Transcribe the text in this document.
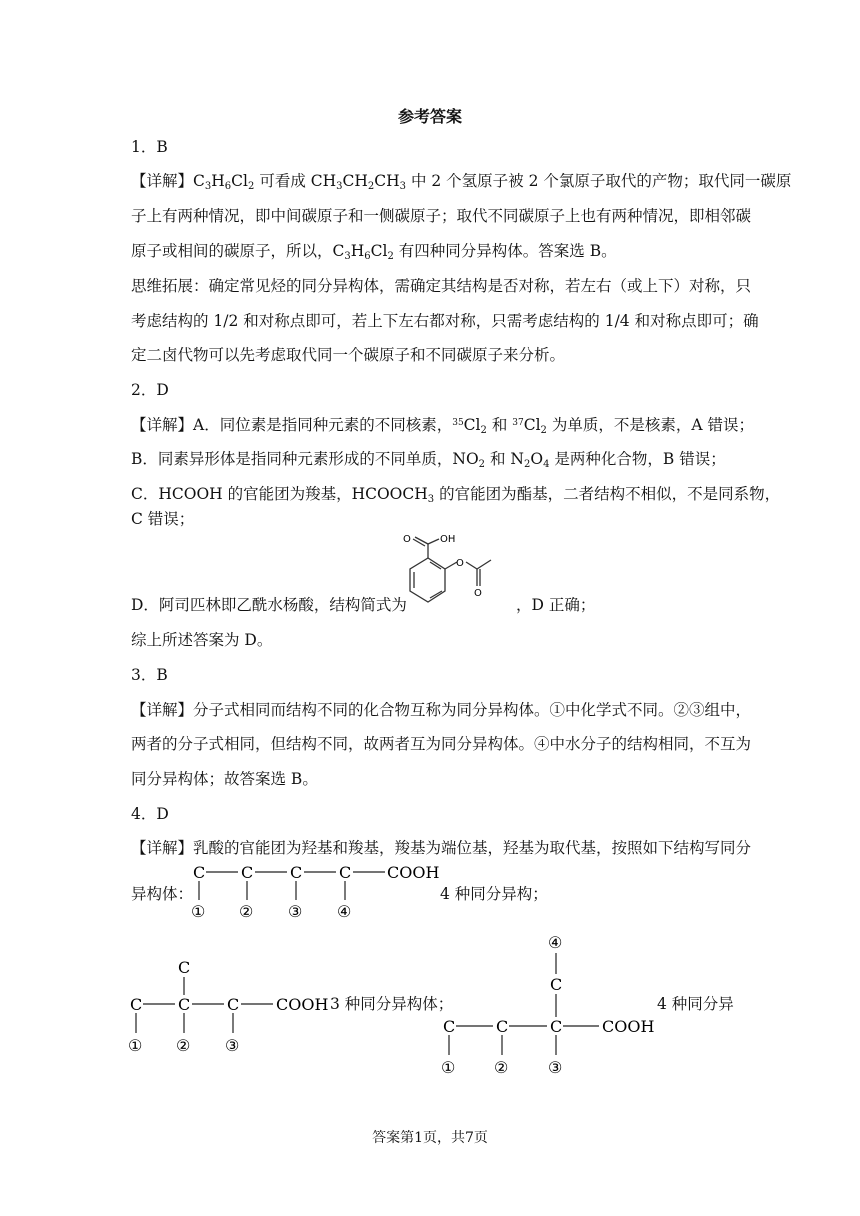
参考答案
1．B
【详解】$C_3H_6Cl_2$ 可看成 $CH_3CH_2CH_3$ 中 2 个氢原子被 2 个氯原子取代的产物；取代同一碳原
子上有两种情况，即中间碳原子和一侧碳原子；取代不同碳原子上也有两种情况，即相邻碳
原子或相间的碳原子，所以，$C_3H_6Cl_2$ 有四种同分异构体。答案选 B。
思维拓展：确定常见烃的同分异构体，需确定其结构是否对称，若左右（或上下）对称，只
考虑结构的 1/2 和对称点即可，若上下左右都对称，只需考虑结构的 1/4 和对称点即可；确
定二卤代物可以先考虑取代同一个碳原子和不同碳原子来分析。
2．D
【详解】A．同位素是指同种元素的不同核素，$^{35}Cl_2$ 和 $^{37}Cl_2$ 为单质，不是核素，A 错误；
B．同素异形体是指同种元素形成的不同单质，$NO_2$ 和 $N_2O_4$ 是两种化合物，B 错误；
C．HCOOH 的官能团为羧基，$HCOOCH_3$ 的官能团为酯基，二者结构不相似，不是同系物，
C 错误；
D．阿司匹林即乙酰水杨酸，结构简式为
O	OH
O
O
，D 正确；
综上所述答案为 D。
3．B
【详解】分子式相同而结构不同的化合物互称为同分异构体。①中化学式不同。②③组中，
两者的分子式相同，但结构不同，故两者互为同分异构体。④中水分子的结构相同，不互为
同分异构体；故答案选 B。
4．D
【详解】乳酸的官能团为羟基和羧基，羧基为端位基，羟基为取代基，按照如下结构写同分
异构体：
C C C C COOH
① ② ③ ④
4 种同分异构；
C
C C C COOH
① ② ③
3 种同分异构体；
④
C
C	C	C COOH
① ② ③
4 种同分异
答案第1页，共7页
